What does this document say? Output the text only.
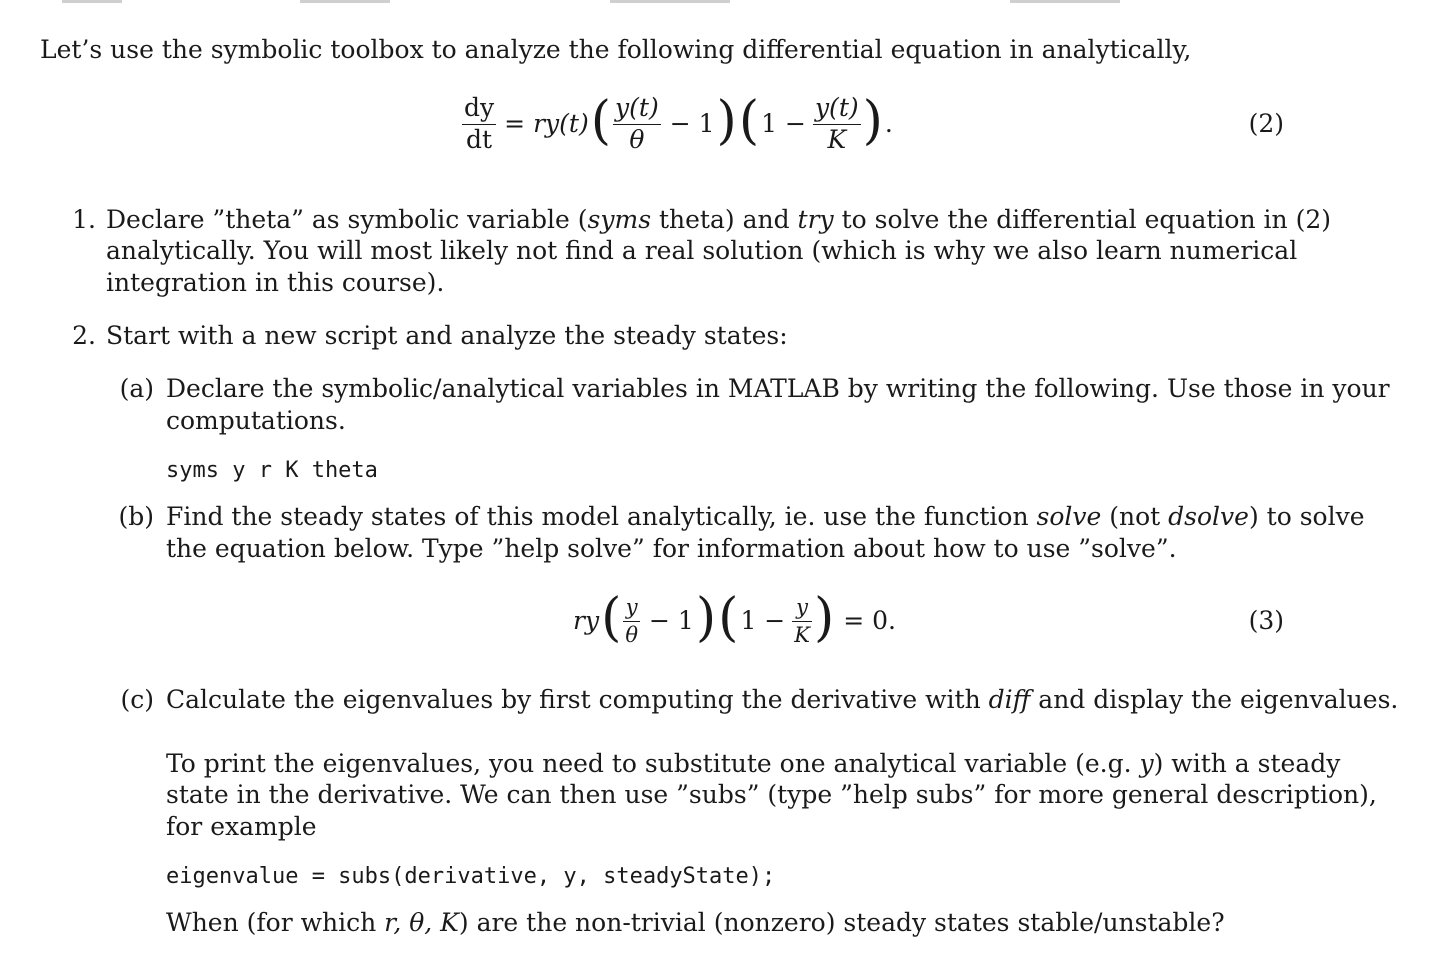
Let’s use the symbolic toolbox to analyze the following differential equation in analytically,
$\frac{dy}{dt} = ry(t)$ ( $\frac{y(t)}{\theta} - 1$ ) ( $1 - \frac{y(t)}{K}$ ) .	(2)
1. Declare ”theta” as symbolic variable (syms theta) and try to solve the differential equation in (2)
analytically. You will most likely not find a real solution (which is why we also learn numerical
integration in this course).
2. Start with a new script and analyze the steady states:
(a) Declare the symbolic/analytical variables in MATLAB by writing the following. Use those in your
computations.
syms y r K theta
(b) Find the steady states of this model analytically, ie. use the function solve (not dsolve) to solve
the equation below. Type ”help solve” for information about how to use ”solve”.
ry ( $\frac{y}{\theta} - 1$ ) ( $1 - \frac{y}{K}$ ) = 0.	(3)
(c) Calculate the eigenvalues by first computing the derivative with diff and display the eigenvalues.
To print the eigenvalues, you need to substitute one analytical variable (e.g. y) with a steady
state in the derivative. We can then use ”subs” (type ”help subs” for more general description),
for example
eigenvalue = subs(derivative, y, steadyState);
When (for which r, θ, K) are the non-trivial (nonzero) steady states stable/unstable?
